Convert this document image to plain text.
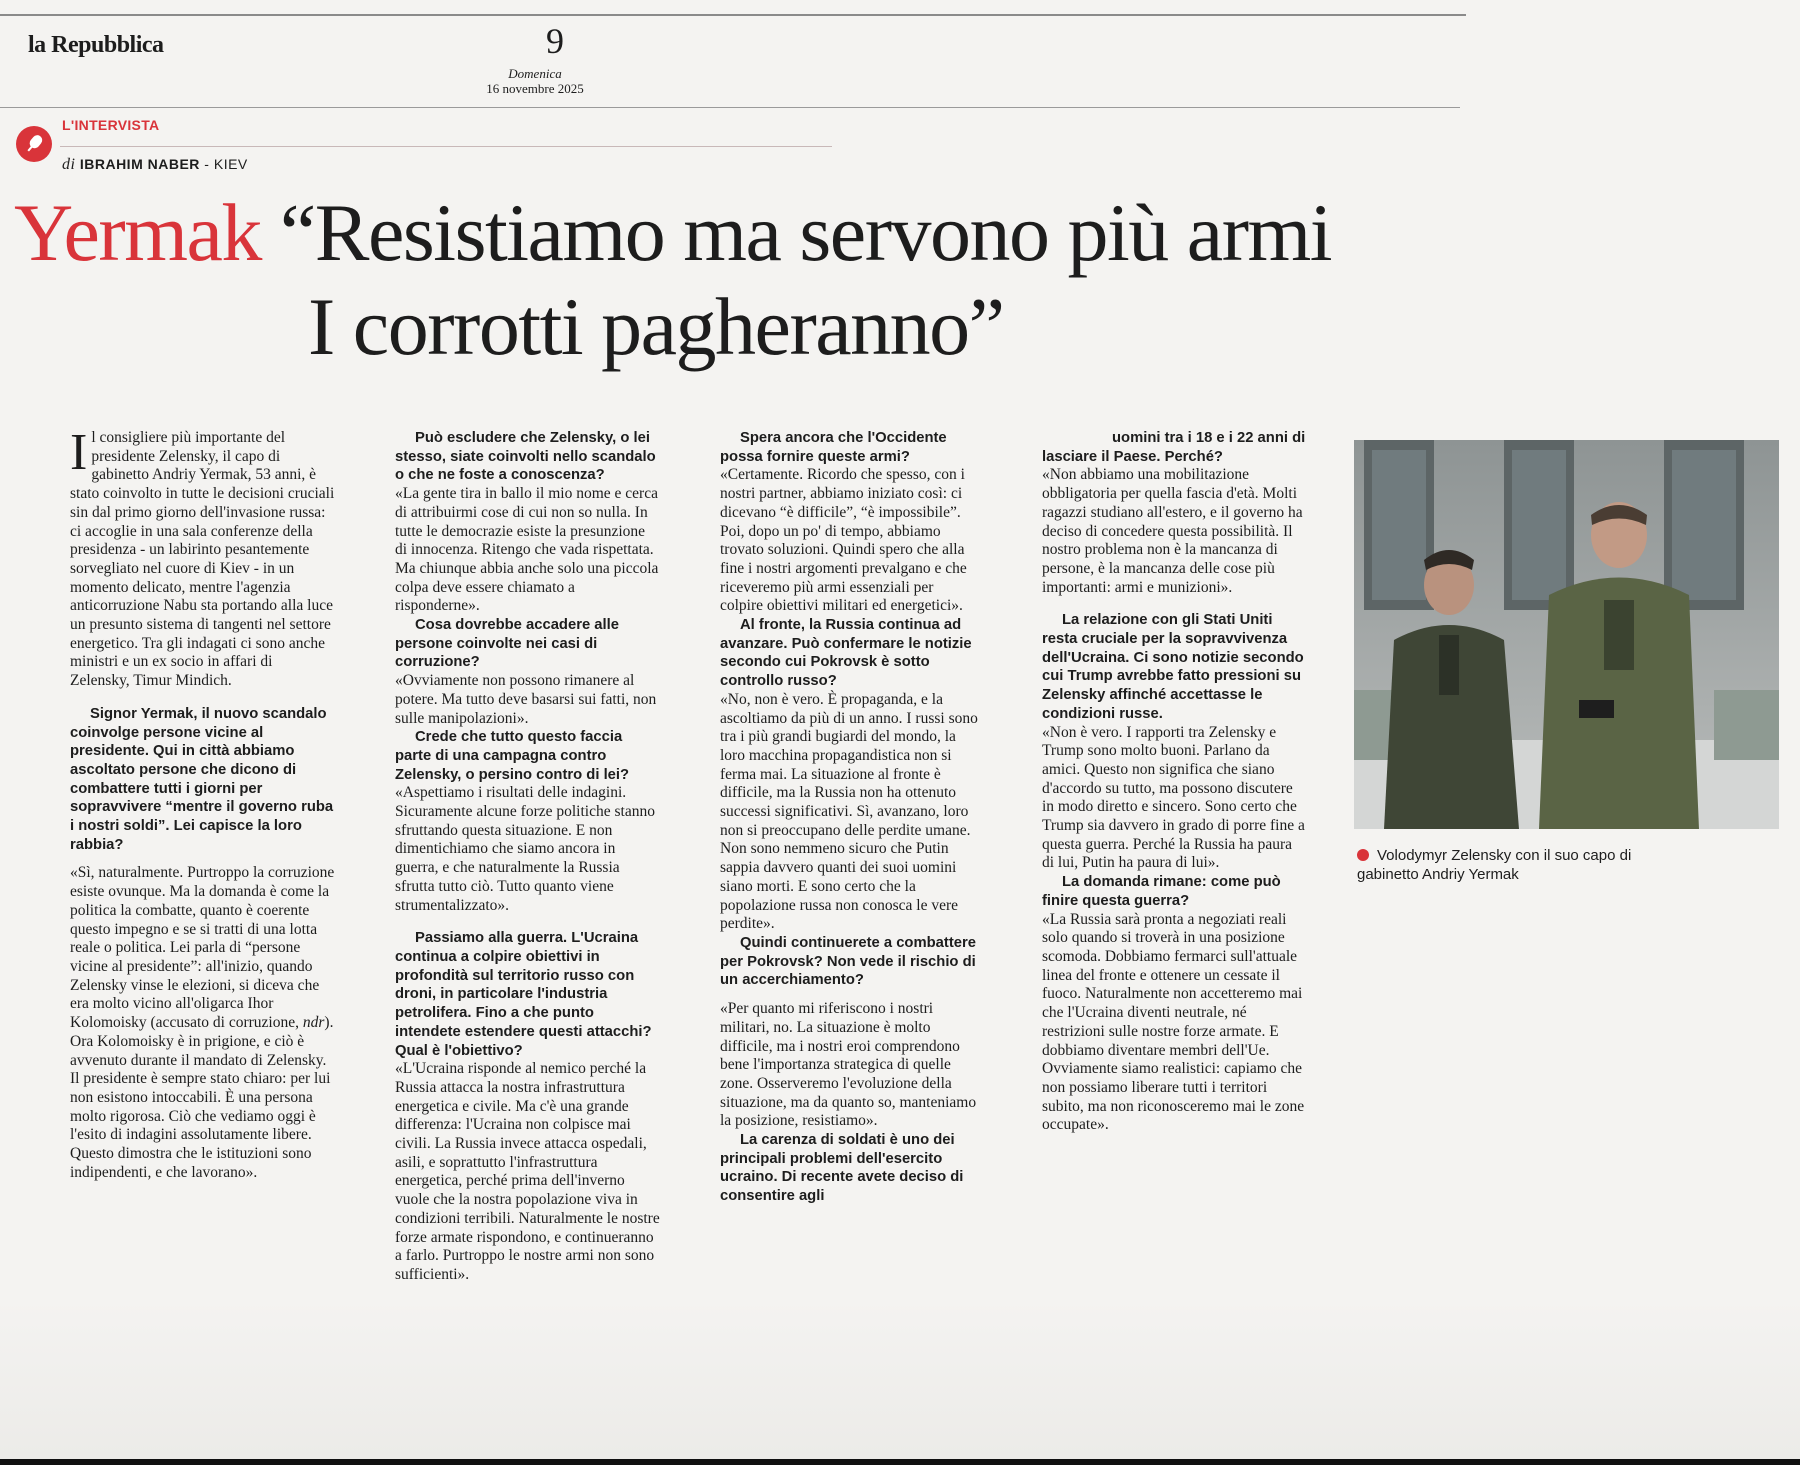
la Repubblica	9
Domenica
16 novembre 2025
L'INTERVISTA
di IBRAHIM NABER - KIEV
Yermak “Resistiamo ma servono più armi
I corrotti pagheranno”

Il consigliere più importante del presidente Zelensky, il capo di gabinetto Andriy Yermak, 53 anni, è stato coinvolto in tutte le decisioni cruciali sin dal primo giorno dell'invasione russa: ci accoglie in una sala conferenze della presidenza - un labirinto pesantemente sorvegliato nel cuore di Kiev - in un momento delicato, mentre l'agenzia anticorruzione Nabu sta portando alla luce un presunto sistema di tangenti nel settore energetico. Tra gli indagati ci sono anche ministri e un ex socio in affari di Zelensky, Timur Mindich.

Signor Yermak, il nuovo scandalo coinvolge persone vicine al presidente. Qui in città abbiamo ascoltato persone che dicono di combattere tutti i giorni per sopravvivere “mentre il governo ruba i nostri soldi”. Lei capisce la loro rabbia?

«Sì, naturalmente. Purtroppo la corruzione esiste ovunque. Ma la domanda è come la politica la combatte, quanto è coerente questo impegno e se si tratti di una lotta reale o politica. Lei parla di “persone vicine al presidente”: all'inizio, quando Zelensky vinse le elezioni, si diceva che era molto vicino all'oligarca Ihor Kolomoisky (accusato di corruzione, ndr). Ora Kolomoisky è in prigione, e ciò è avvenuto durante il mandato di Zelensky. Il presidente è sempre stato chiaro: per lui non esistono intoccabili. È una persona molto rigorosa. Ciò che vediamo oggi è l'esito di indagini assolutamente libere. Questo dimostra che le istituzioni sono indipendenti, e che lavorano».

Può escludere che Zelensky, o lei stesso, siate coinvolti nello scandalo o che ne foste a conoscenza?

«La gente tira in ballo il mio nome e cerca di attribuirmi cose di cui non so nulla. In tutte le democrazie esiste la presunzione di innocenza. Ritengo che vada rispettata. Ma chiunque abbia anche solo una piccola colpa deve essere chiamato a risponderne».

Cosa dovrebbe accadere alle persone coinvolte nei casi di corruzione?

«Ovviamente non possono rimanere al potere. Ma tutto deve basarsi sui fatti, non sulle manipolazioni».

Crede che tutto questo faccia parte di una campagna contro Zelensky, o persino contro di lei?

«Aspettiamo i risultati delle indagini. Sicuramente alcune forze politiche stanno sfruttando questa situazione. E non dimentichiamo che siamo ancora in guerra, e che naturalmente la Russia sfrutta tutto ciò. Tutto quanto viene strumentalizzato».

Passiamo alla guerra. L'Ucraina continua a colpire obiettivi in profondità sul territorio russo con droni, in particolare l'industria petrolifera. Fino a che punto intendete estendere questi attacchi? Qual è l'obiettivo?

«L'Ucraina risponde al nemico perché la Russia attacca la nostra infrastruttura energetica e civile. Ma c'è una grande differenza: l'Ucraina non colpisce mai civili. La Russia invece attacca ospedali, asili, e soprattutto l'infrastruttura energetica, perché prima dell'inverno vuole che la nostra popolazione viva in condizioni terribili. Naturalmente le nostre forze armate rispondono, e continueranno a farlo. Purtroppo le nostre armi non sono sufficienti».

Spera ancora che l'Occidente possa fornire queste armi?

«Certamente. Ricordo che spesso, con i nostri partner, abbiamo iniziato così: ci dicevano “è difficile”, “è impossibile”. Poi, dopo un po' di tempo, abbiamo trovato soluzioni. Quindi spero che alla fine i nostri argomenti prevalgano e che riceveremo più armi essenziali per colpire obiettivi militari ed energetici».

Al fronte, la Russia continua ad avanzare. Può confermare le notizie secondo cui Pokrovsk è sotto controllo russo?

«No, non è vero. È propaganda, e la ascoltiamo da più di un anno. I russi sono tra i più grandi bugiardi del mondo, la loro macchina propagandistica non si ferma mai. La situazione al fronte è difficile, ma la Russia non ha ottenuto successi significativi. Sì, avanzano, loro non si preoccupano delle perdite umane. Non sono nemmeno sicuro che Putin sappia davvero quanti dei suoi uomini siano morti. E sono certo che la popolazione russa non conosca le vere perdite».

Quindi continuerete a combattere per Pokrovsk? Non vede il rischio di un accerchiamento?

«Per quanto mi riferiscono i nostri militari, no. La situazione è molto difficile, ma i nostri eroi comprendono bene l'importanza strategica di quelle zone. Osserveremo l'evoluzione della situazione, ma da quanto so, manteniamo la posizione, resistiamo».

La carenza di soldati è uno dei principali problemi dell'esercito ucraino. Di recente avete deciso di consentire agli

uomini tra i 18 e i 22 anni di lasciare il Paese. Perché?

«Non abbiamo una mobilitazione obbligatoria per quella fascia d'età. Molti ragazzi studiano all'estero, e il governo ha deciso di concedere questa possibilità. Il nostro problema non è la mancanza di persone, è la mancanza delle cose più importanti: armi e munizioni».

La relazione con gli Stati Uniti resta cruciale per la sopravvivenza dell'Ucraina. Ci sono notizie secondo cui Trump avrebbe fatto pressioni su Zelensky affinché accettasse le condizioni russe.

«Non è vero. I rapporti tra Zelensky e Trump sono molto buoni. Parlano da amici. Questo non significa che siano d'accordo su tutto, ma possono discutere in modo diretto e sincero. Sono certo che Trump sia davvero in grado di porre fine a questa guerra. Perché la Russia ha paura di lui, Putin ha paura di lui».

La domanda rimane: come può finire questa guerra?

«La Russia sarà pronta a negoziati reali solo quando si troverà in una posizione scomoda. Dobbiamo fermarci sull'attuale linea del fronte e ottenere un cessate il fuoco. Naturalmente non accetteremo mai che l'Ucraina diventi neutrale, né restrizioni sulle nostre forze armate. E dobbiamo diventare membri dell'Ue. Ovviamente siamo realistici: capiamo che non possiamo liberare tutti i territori subito, ma non riconosceremo mai le zone occupate».

Volodymyr Zelensky con il suo capo di gabinetto Andriy Yermak
